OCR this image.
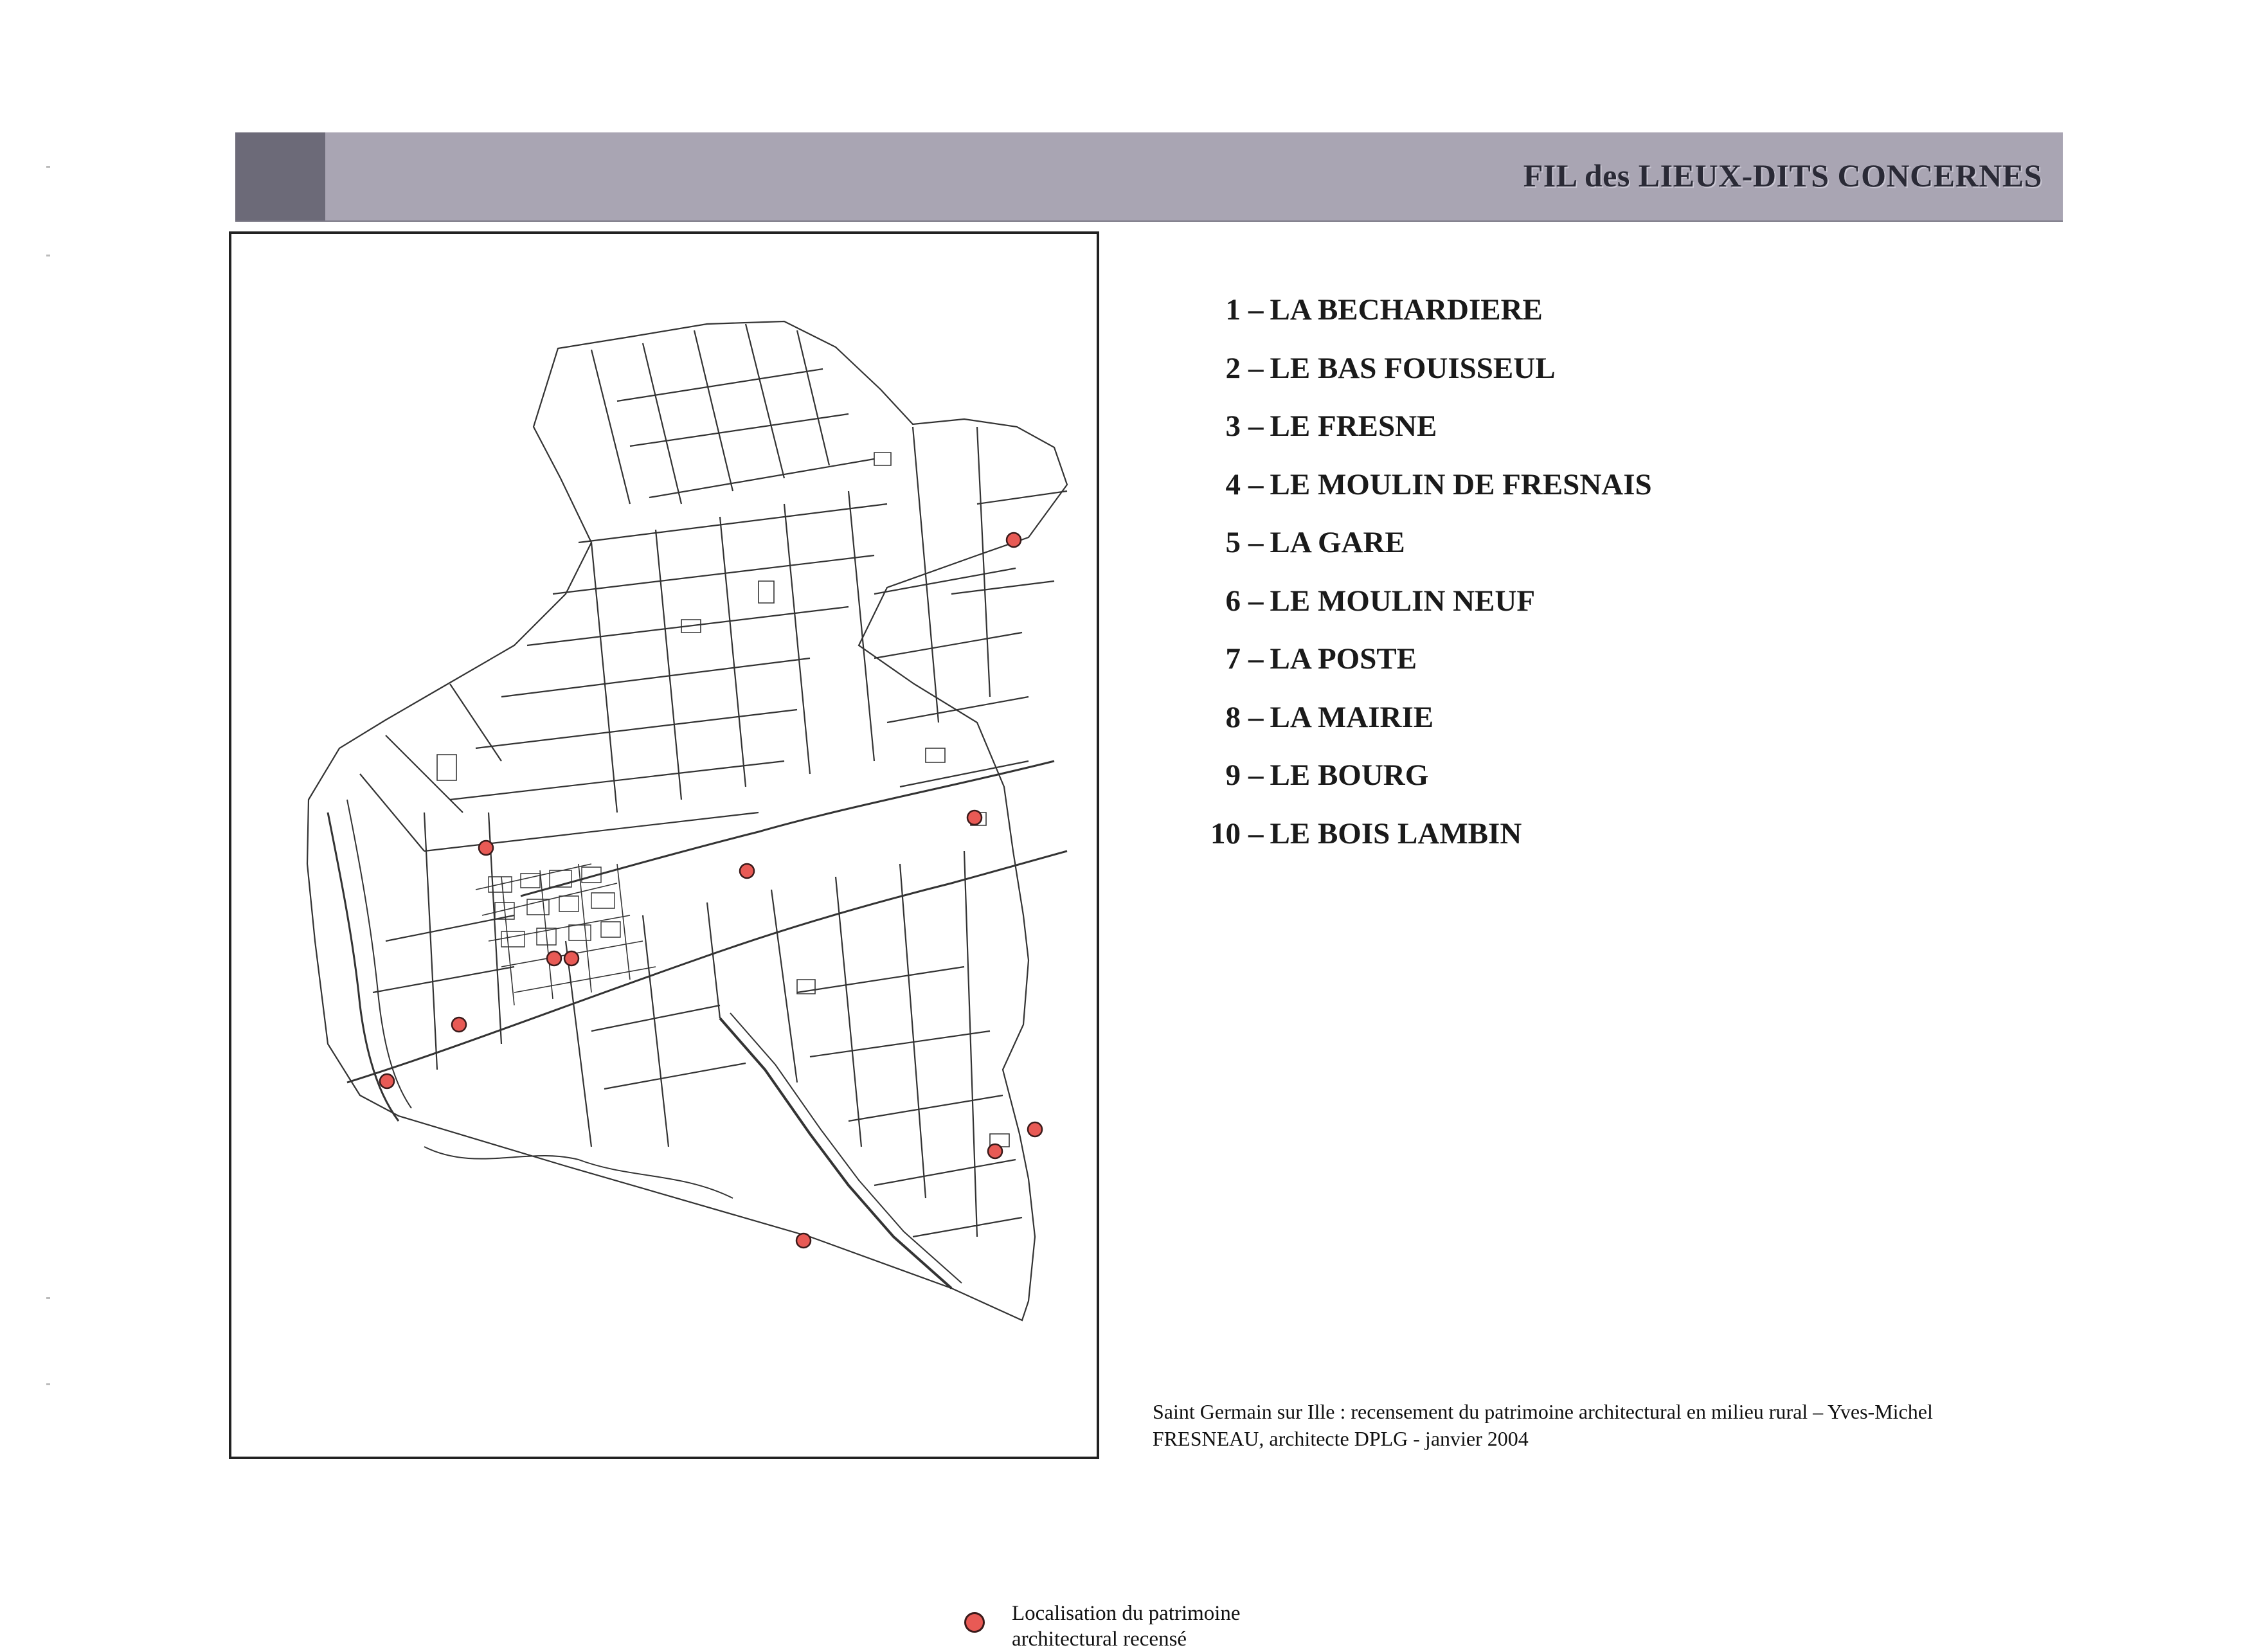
FIL des LIEUX-DITS CONCERNES
Localisation du patrimoine architectural recensé
1 – LA BECHARDIERE
2 – LE BAS FOUISSEUL
3 – LE FRESNE
4 – LE MOULIN DE FRESNAIS
5 – LA GARE
6 – LE MOULIN NEUF
7 – LA POSTE
8 – LA MAIRIE
9 – LE BOURG
10 – LE BOIS LAMBIN
Saint Germain sur Ille : recensement du patrimoine architectural en milieu rural – Yves-Michel FRESNEAU, architecte DPLG - janvier 2004
